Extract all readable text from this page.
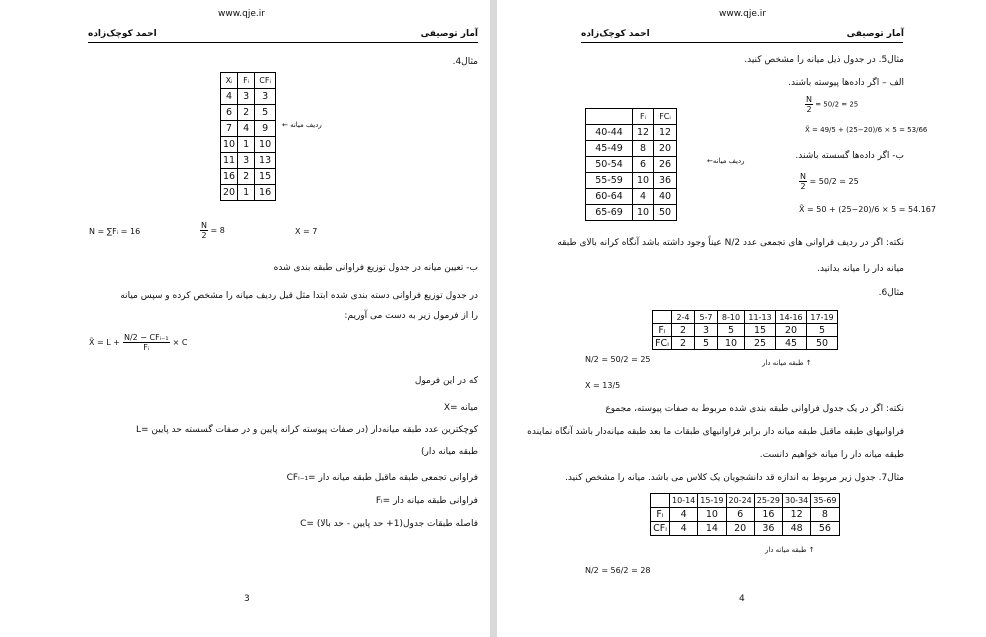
www.qje.ir
آمار توصیفی
احمد کوچک‌زاده
مثال4.
Xᵢ	Fᵢ	CFᵢ
4	3	3
6	2	5
7	4	9
10	1	10
11	3	13
16	2	15
20	1	16
ردیف میانه ←
N = ∑Fᵢ = 16	$\frac{N}{2} = 8$	X = 7
ب- تعیین میانه در جدول توزیع فراوانی طبقه بندی شده
در جدول توزیع فراوانی دسته بندی شده ابتدا مثل قبل ردیف میانه را مشخص کرده و سپس میانه
را از فرمول زیر به دست می آوریم:
X̃ = $L + \frac{\text{N/2 − CFᵢ₋₁}}{\text{Fᵢ}} \times C$
که در این فرمول
X= میانه
L= کوچکترین عدد طبقه میانه‌دار (در صفات پیوسته کرانه پایین و در صفات گسسته حد پایین
طبقه میانه دار)
CFᵢ₋₁= فراوانی تجمعی طبقه ماقبل طبقه میانه دار
Fᵢ= فراوانی طبقه میانه دار
C= فاصله طبقات جدول(1+ حد پایین - حد بالا)
3
www.qje.ir
آمار توصیفی
احمد کوچک‌زاده
مثال5. در جدول ذیل میانه را مشخص کنید.
الف – اگر داده‌ها پیوسته باشند.
$\frac{N}{2} = 50/2 = 25$
X̃ = 49/5 + (25−20)/6 × 5 = 53/66
ب- اگر داده‌ها گسسته باشند.
$\frac{N}{2} = 50/2 = 25$
X̃ = 50 + (25−20)/6 × 5 = 54.167
	Fᵢ	FCᵢ
40-44	12	12
45-49	8	20
50-54	6	26
55-59	10	36
60-64	4	40
65-69	10	50
ردیف میانه←
نکته: اگر در ردیف فراوانی های تجمعی عدد N/2 عیناً وجود داشته باشد آنگاه کرانه بالای طبقه
میانه دار را میانه بدانید.
مثال6.
	2-4	5-7	8-10	11-13	14-16	17-19
Fᵢ	2	3	5	15	20	5
FCᵢ	2	5	10	25	45	50
↑ طبقه میانه دار
N/2 = 50/2 = 25
X = 13/5
نکته: اگر در یک جدول فراوانی طبقه بندی شده مربوط به صفات پیوسته، مجموع
فراوانیهای طبقه ماقبل طبقه میانه دار برابر فراوانیهای طبقات ما بعد طبقه میانه‌دار باشد آنگاه نماینده
طبقه میانه دار را میانه خواهیم دانست.
مثال7. جدول زیر مربوط به اندازه قد دانشجویان یک کلاس می باشد. میانه را مشخص کنید.
	10-14	15-19	20-24	25-29	30-34	35-69
Fᵢ	4	10	6	16	12	8
CFᵢ	4	14	20	36	48	56
↑ طبقه میانه دار
N/2 = 56/2 = 28
4
